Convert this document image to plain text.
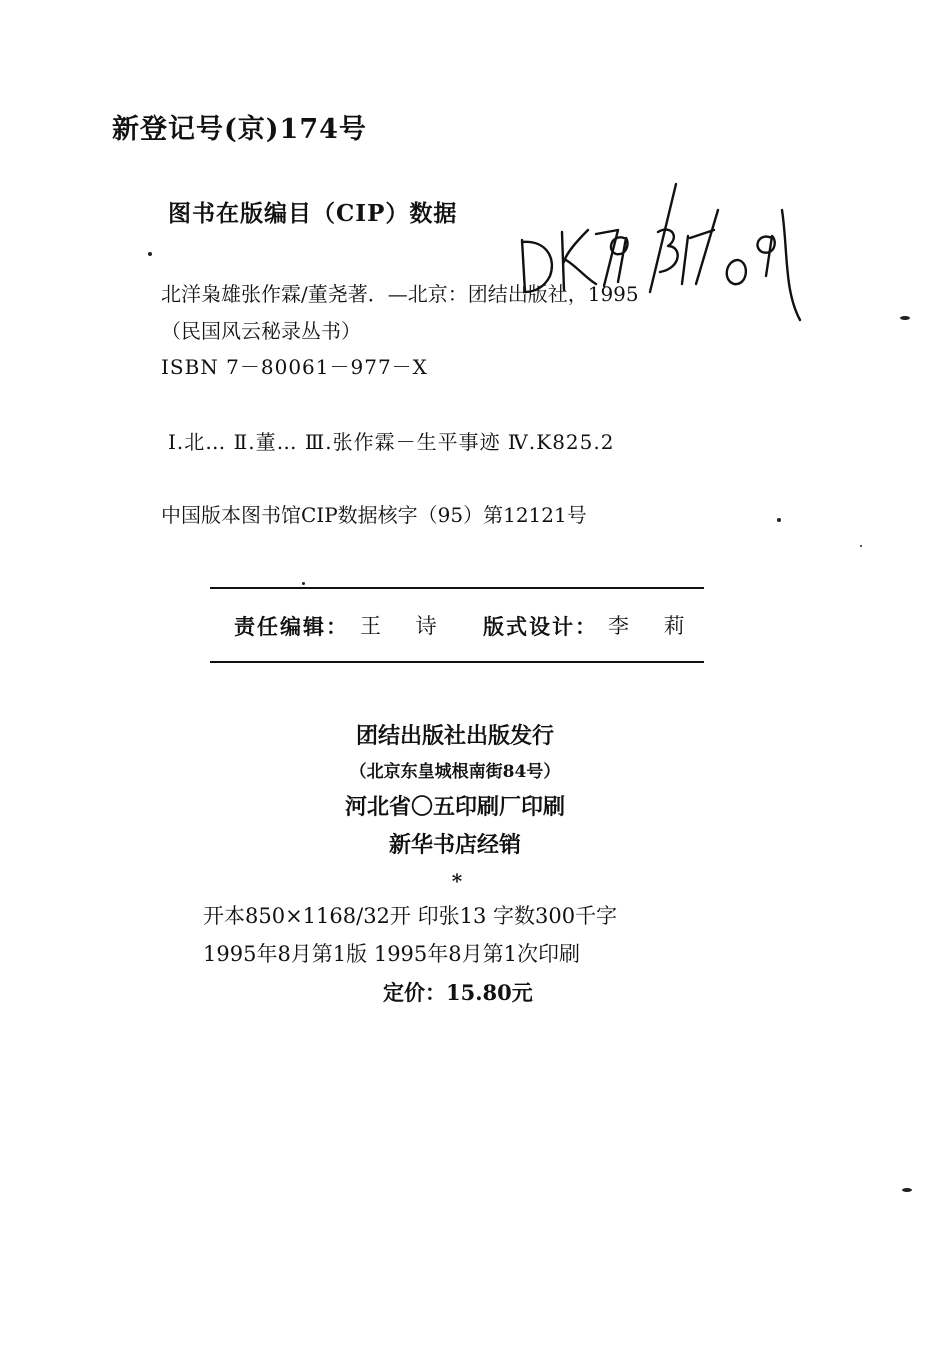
新登记号(京)174号
图书在版编目（CIP）数据
北洋枭雄张作霖/董尧著．—北京：团结出版社，1995
（民国风云秘录丛书）
ISBN 7－80061－977－X
Ⅰ.北… Ⅱ.董… Ⅲ.张作霖－生平事迹 Ⅳ.K825.2
中国版本图书馆CIP数据核字（95）第12121号
责任编辑： 王 诗 版式设计： 李 莉
团结出版社出版发行
（北京东皇城根南街84号）
河北省〇五印刷厂印刷
新华书店经销
*
开本850×1168/32开 印张13 字数300千字
1995年8月第1版 1995年8月第1次印刷
定价：15.80元
